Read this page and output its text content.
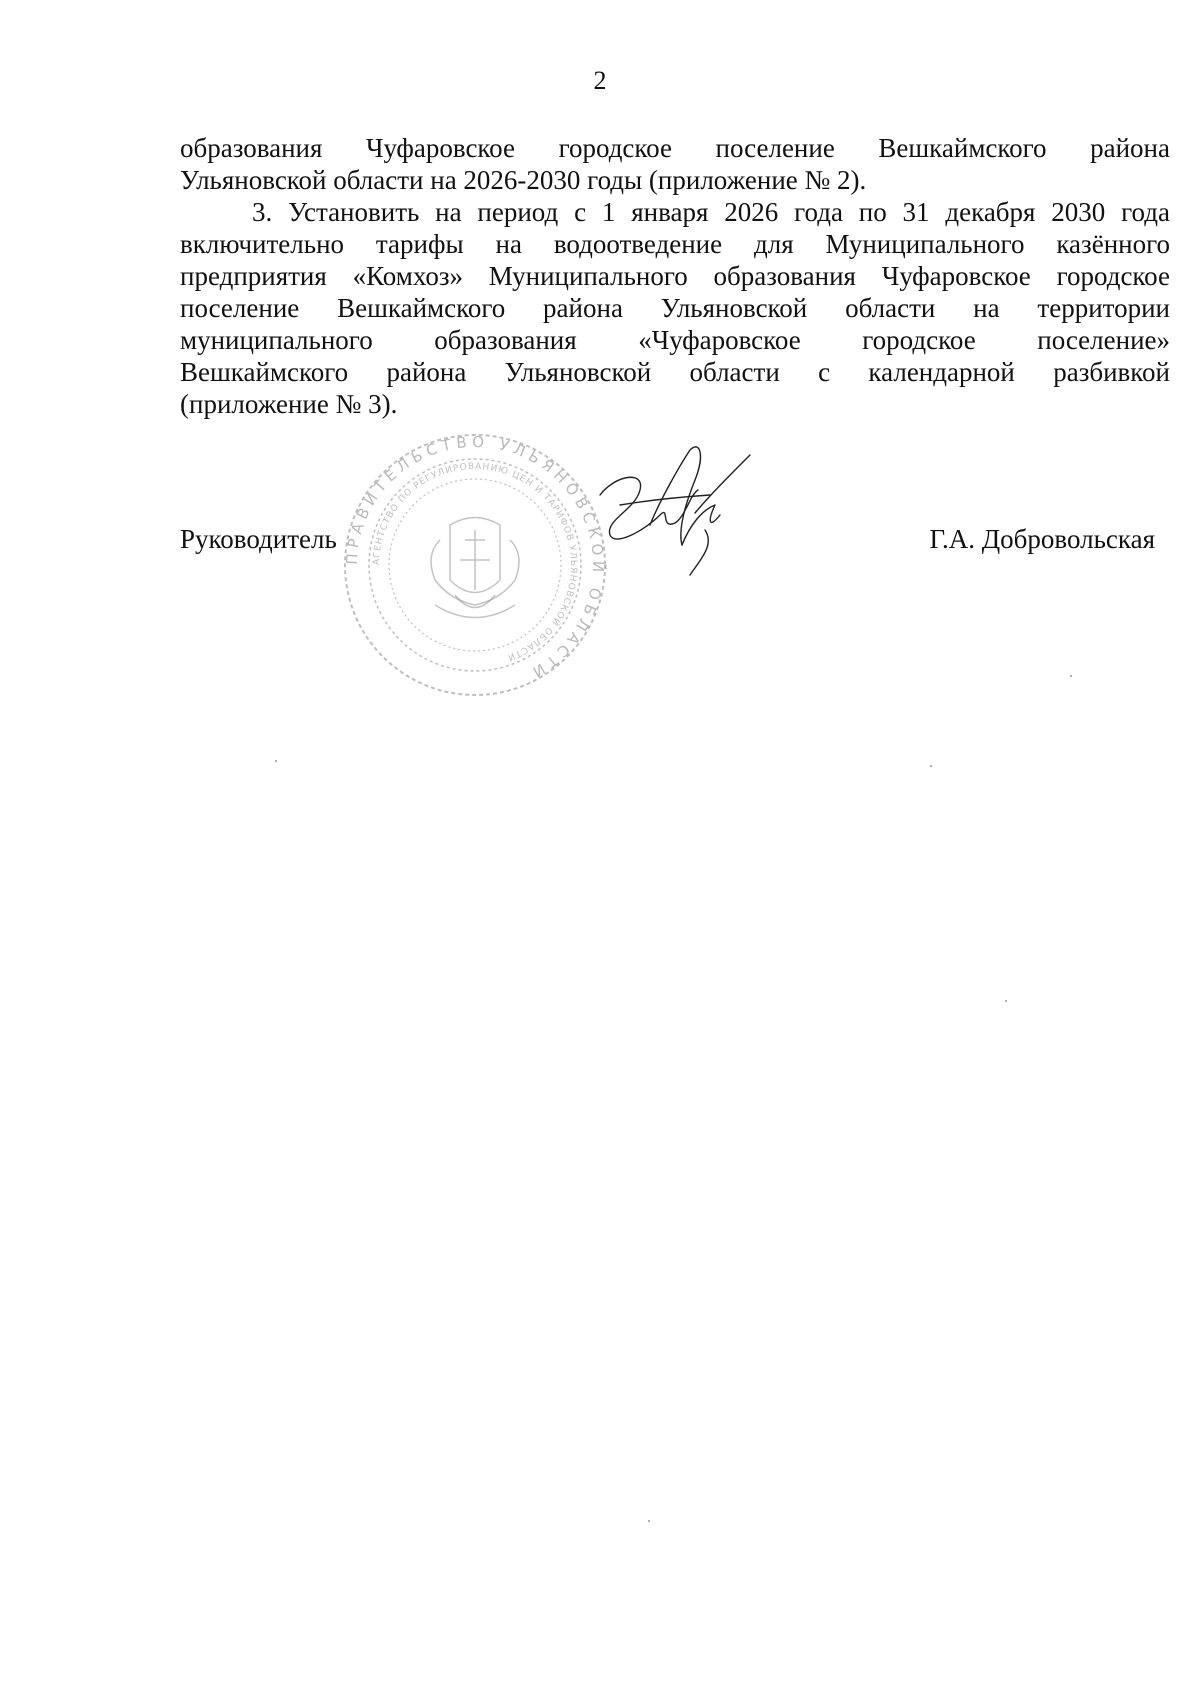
2

образования Чуфаровское городское поселение Вешкаймского района
Ульяновской области на 2026-2030 годы (приложение № 2).

3. Установить на период с 1 января 2026 года по 31 декабря 2030 года
включительно тарифы на водоотведение для Муниципального казённого
предприятия «Комхоз» Муниципального образования Чуфаровское городское
поселение Вешкаймского района Ульяновской области на территории
муниципального образования «Чуфаровское городское поселение»
Вешкаймского района Ульяновской области с календарной разбивкой
(приложение № 3).

ПРАВИТЕЛЬСТВО УЛЬЯНОВСКОЙ ОБЛАСТИ
АГЕНТСТВО ПО РЕГУЛИРОВАНИЮ ЦЕН И ТАРИФОВ УЛЬЯНОВСКОЙ ОБЛАСТИ
Руководитель	Г.А. Добровольская
